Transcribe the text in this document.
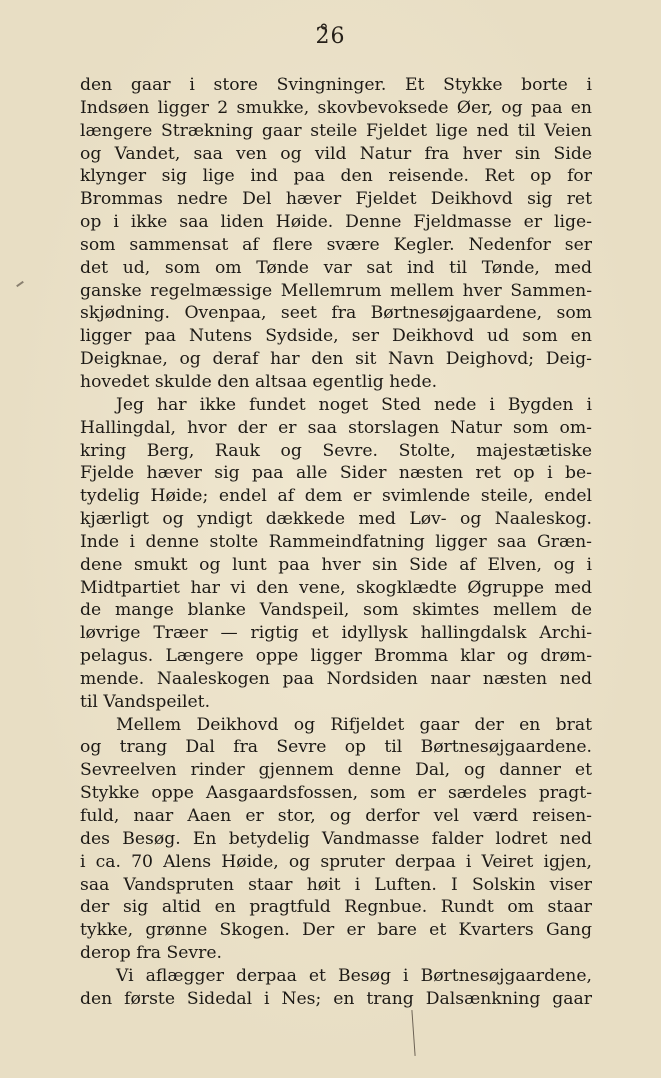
2̊6
den gaar i store Svingninger. Et Stykke borte i
Indsøen ligger 2 smukke, skovbevoksede Øer, og paa en
længere Strækning gaar steile Fjeldet lige ned til Veien
og Vandet, saa ven og vild Natur fra hver sin Side
klynger sig lige ind paa den reisende. Ret op for
Brommas nedre Del hæver Fjeldet Deikhovd sig ret
op i ikke saa liden Høide. Denne Fjeldmasse er lige-
som sammensat af flere svære Kegler. Nedenfor ser
det ud, som om Tønde var sat ind til Tønde, med
ganske regelmæssige Mellemrum mellem hver Sammen-
skjødning. Ovenpaa, seet fra Børtnesøjgaardene, som
ligger paa Nutens Sydside, ser Deikhovd ud som en
Deigknae, og deraf har den sit Navn Deighovd; Deig-
hovedet skulde den altsaa egentlig hede.
Jeg har ikke fundet noget Sted nede i Bygden i
Hallingdal, hvor der er saa storslagen Natur som om-
kring Berg, Rauk og Sevre. Stolte, majestætiske
Fjelde hæver sig paa alle Sider næsten ret op i be-
tydelig Høide; endel af dem er svimlende steile, endel
kjærligt og yndigt dækkede med Løv- og Naaleskog.
Inde i denne stolte Rammeindfatning ligger saa Græn-
dene smukt og lunt paa hver sin Side af Elven, og i
Midtpartiet har vi den vene, skogklædte Øgruppe med
de mange blanke Vandspeil, som skimtes mellem de
løvrige Træer — rigtig et idyllysk hallingdalsk Archi-
pelagus. Længere oppe ligger Bromma klar og drøm-
mende. Naaleskogen paa Nordsiden naar næsten ned
til Vandspeilet.
Mellem Deikhovd og Rifjeldet gaar der en brat
og trang Dal fra Sevre op til Børtnesøjgaardene.
Sevreelven rinder gjennem denne Dal, og danner et
Stykke oppe Aasgaardsfossen, som er særdeles pragt-
fuld, naar Aaen er stor, og derfor vel værd reisen-
des Besøg. En betydelig Vandmasse falder lodret ned
i ca. 70 Alens Høide, og spruter derpaa i Veiret igjen,
saa Vandspruten staar høit i Luften. I Solskin viser
der sig altid en pragtfuld Regnbue. Rundt om staar
tykke, grønne Skogen. Der er bare et Kvarters Gang
derop fra Sevre.
Vi aflægger derpaa et Besøg i Børtnesøjgaardene,
den første Sidedal i Nes; en trang Dalsænkning gaar
